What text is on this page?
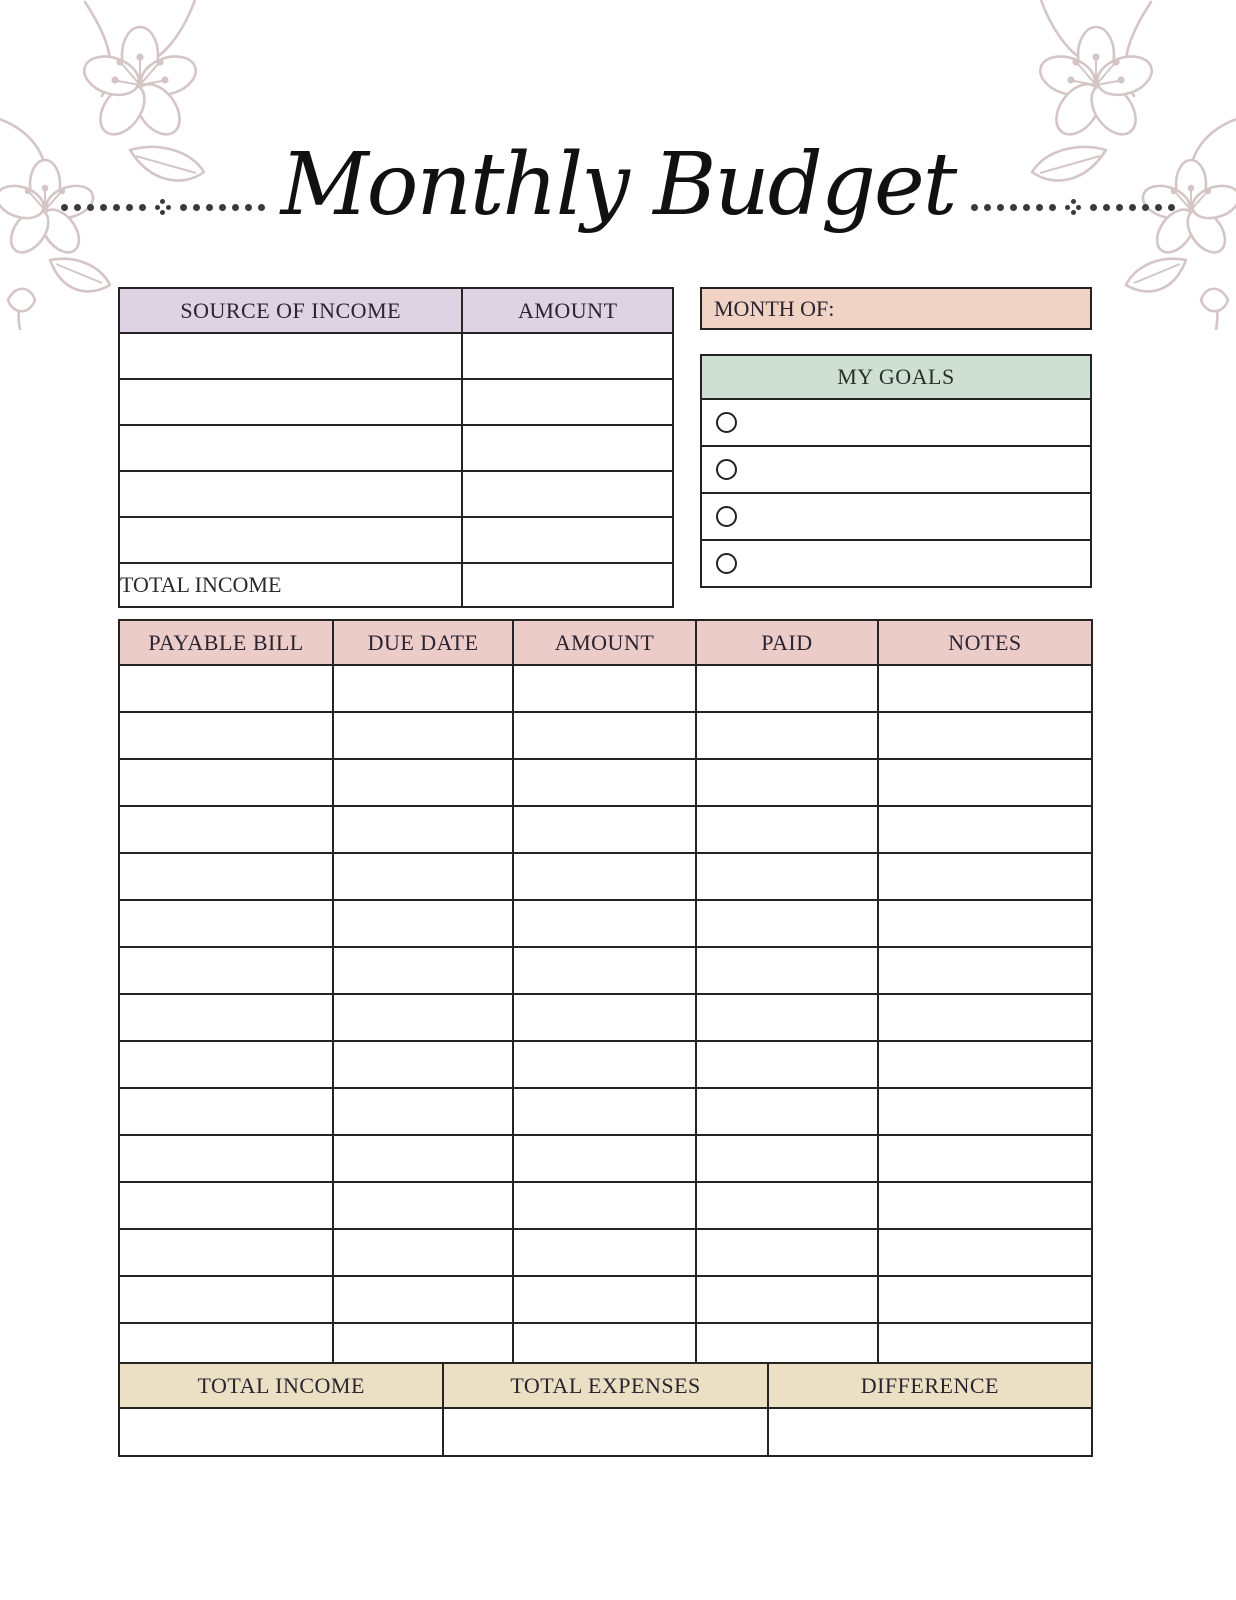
Monthly Budget
SOURCE OF INCOME	AMOUNT

TOTAL INCOME	
MONTH OF:
MY GOALS
PAYABLE BILL	DUE DATE	AMOUNT	PAID	NOTES

TOTAL INCOME	TOTAL EXPENSES	DIFFERENCE
